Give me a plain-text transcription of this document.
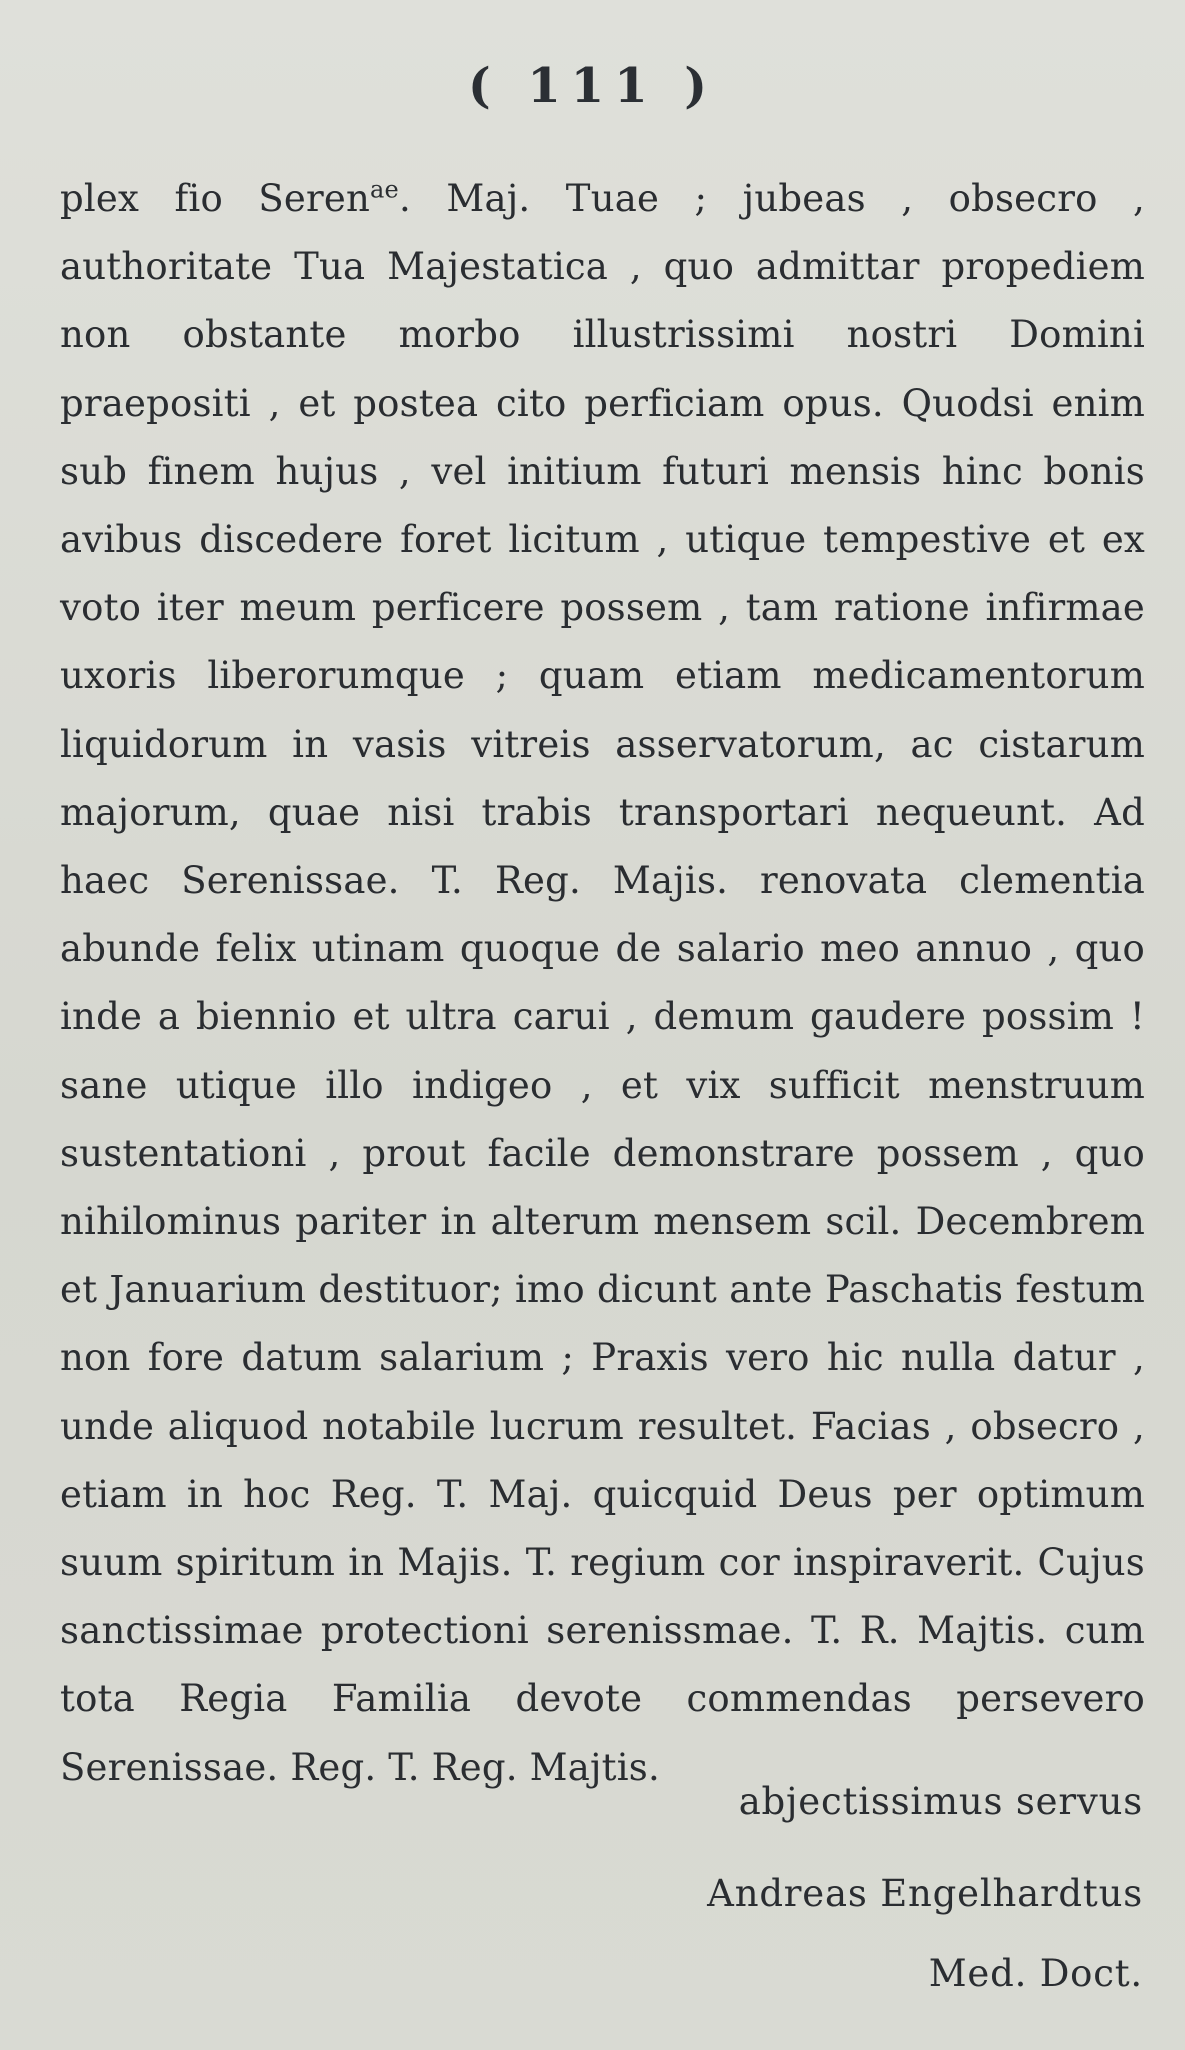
( 111 )

plex fio Seren$^{ae}$. Maj. Tuae ; jubeas , obsecro , authoritate Tua Majestatica , quo admittar propediem non obstante morbo illustrissimi nostri Domini praepositi , et postea cito perficiam opus. Quodsi enim sub finem hujus , vel initium futuri mensis hinc bonis avibus discedere foret licitum , utique tempestive et ex voto iter meum perficere possem , tam ratione infirmae uxoris liberorumque ; quam etiam medicamentorum liquidorum in vasis vitreis asservatorum, ac cistarum majorum, quae nisi trabis transportari nequeunt. Ad haec Serenissae. T. Reg. Majis. renovata clementia abunde felix utinam quoque de salario meo annuo , quo inde a biennio et ultra carui , demum gaudere possim ! sane utique illo indigeo , et vix sufficit menstruum sustentationi , prout facile demonstrare possem , quo nihilominus pariter in alterum mensem scil. Decembrem et Januarium destituor; imo dicunt ante Paschatis festum non fore datum salarium ; Praxis vero hic nulla datur , unde aliquod notabile lucrum resultet. Facias , obsecro , etiam in hoc Reg. T. Maj. quicquid Deus per optimum suum spiritum in Majis. T. regium cor inspiraverit. Cujus sanctissimae protectioni serenissmae. T. R. Majtis. cum tota Regia Familia devote commendas persevero Serenissae. Reg. T. Reg. Majtis.

abjectissimus servus
Andreas Engelhardtus
Med. Doct.
